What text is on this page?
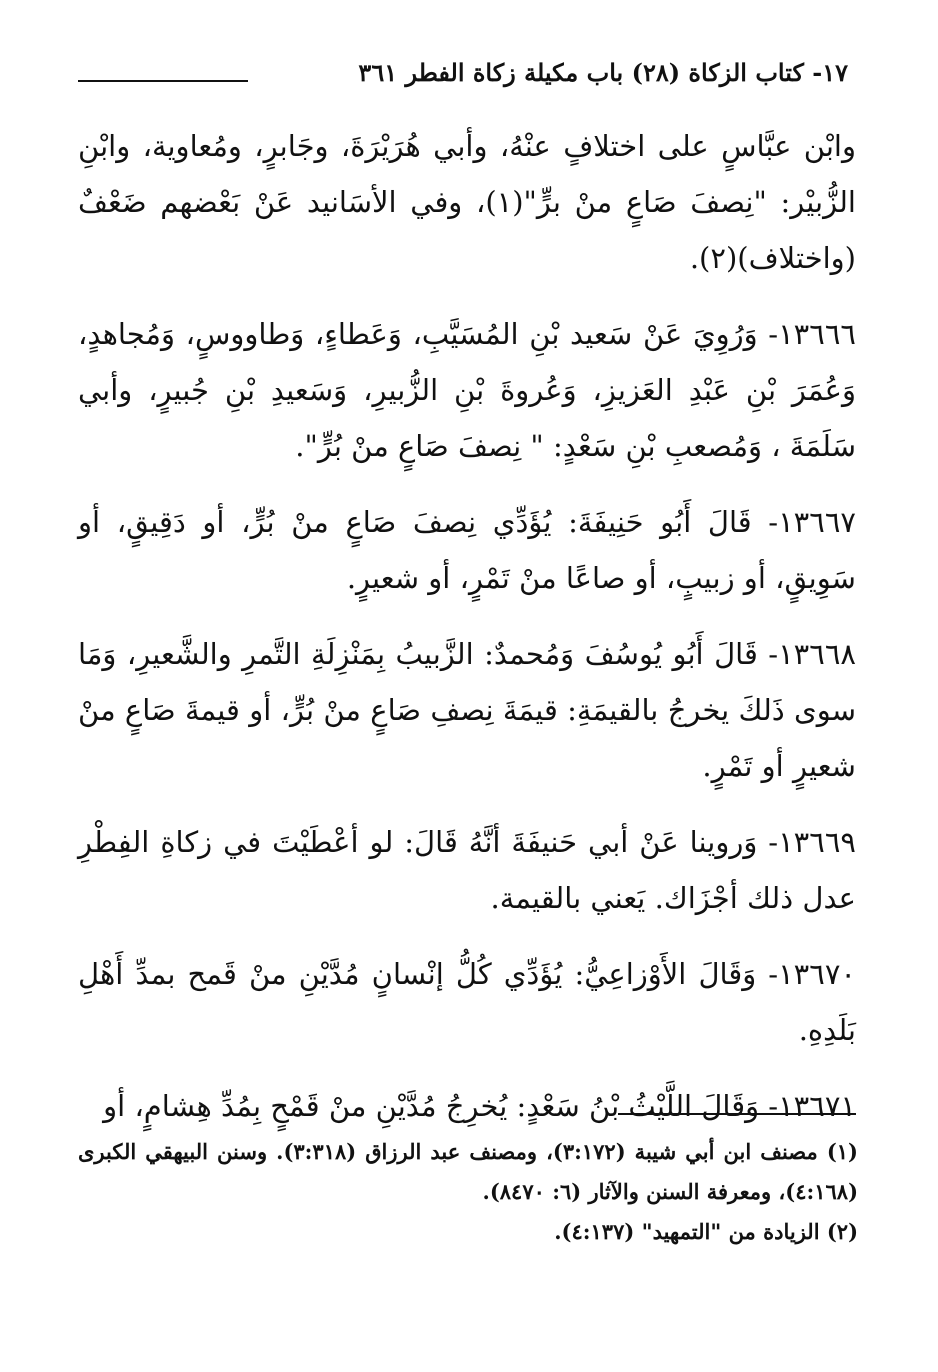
١٧- كتاب الزكاة (٢٨) باب مكيلة زكاة الفطر ٣٦١

وابْن عبَّاسٍ على اختلافٍ عنْهُ، وأبي هُرَيْرَةَ، وجَابرٍ، ومُعاوية، وابْنِ الزُّبيْر: "نِصفَ صَاعٍ منْ برٍّ"(١)، وفي الأسَانيد عَنْ بَعْضهم ضَعْفٌ (واختلاف)(٢).

١٣٦٦٦- وَرُوِيَ عَنْ سَعيد بْنِ المُسَيَّبِ، وَعَطاءٍ، وَطاووسٍ، وَمُجاهدٍ، وَعُمَرَ بْنِ عَبْدِ العَزيزِ، وَعُروةَ بْنِ الزُّبيرِ، وَسَعيدِ بْنِ جُبيرٍ، وأبي سَلَمَةَ ، وَمُصعبِ بْنِ سَعْدٍ: " نِصفَ صَاعٍ منْ بُرٍّ".

١٣٦٦٧- قَالَ أَبُو حَنِيفَةَ: يُؤَدِّي نِصفَ صَاعٍ منْ بُرٍّ، أو دَقِيقٍ، أو سَوِيقٍ، أو زبيبٍ، أو صاعًا منْ تَمْرٍ، أو شعيرٍ.

١٣٦٦٨- قَالَ أَبُو يُوسُفَ وَمُحمدٌ: الزَّبيبُ بِمَنْزِلَةِ التَّمرِ والشَّعيرِ، وَمَا سوى ذَلكَ يخرجُ بالقيمَةِ: قيمَةَ نِصفِ صَاعٍ منْ بُرٍّ، أو قيمةَ صَاعٍ منْ شعيرٍ أو تَمْرٍ.

١٣٦٦٩- وَروينا عَنْ أبي حَنيفَةَ أنَّهُ قَالَ: لو أعْطَيْتَ في زكاةِ الفِطْرِ عدل ذلك أجْزَاك. يَعني بالقيمة.

١٣٦٧٠- وَقَالَ الأَوْزاعِيُّ: يُؤَدِّي كُلُّ إنْسانٍ مُدَّيْنِ منْ قَمح بمدِّ أَهْلِ بَلَدِهِ.

١٣٦٧١- وَقَالَ اللَّيْثُ بْنُ سَعْدٍ: يُخرِجُ مُدَّيْنِ منْ قَمْحٍ بِمُدِّ هِشامٍ، أو

(١) مصنف ابن أبي شيبة (٣:١٧٢)، ومصنف عبد الرزاق (٣:٣١٨). وسنن البيهقي الكبرى (٤:١٦٨)، ومعرفة السنن والآثار (٦: ٨٤٧٠).

(٢) الزيادة من "التمهيد" (٤:١٣٧).
